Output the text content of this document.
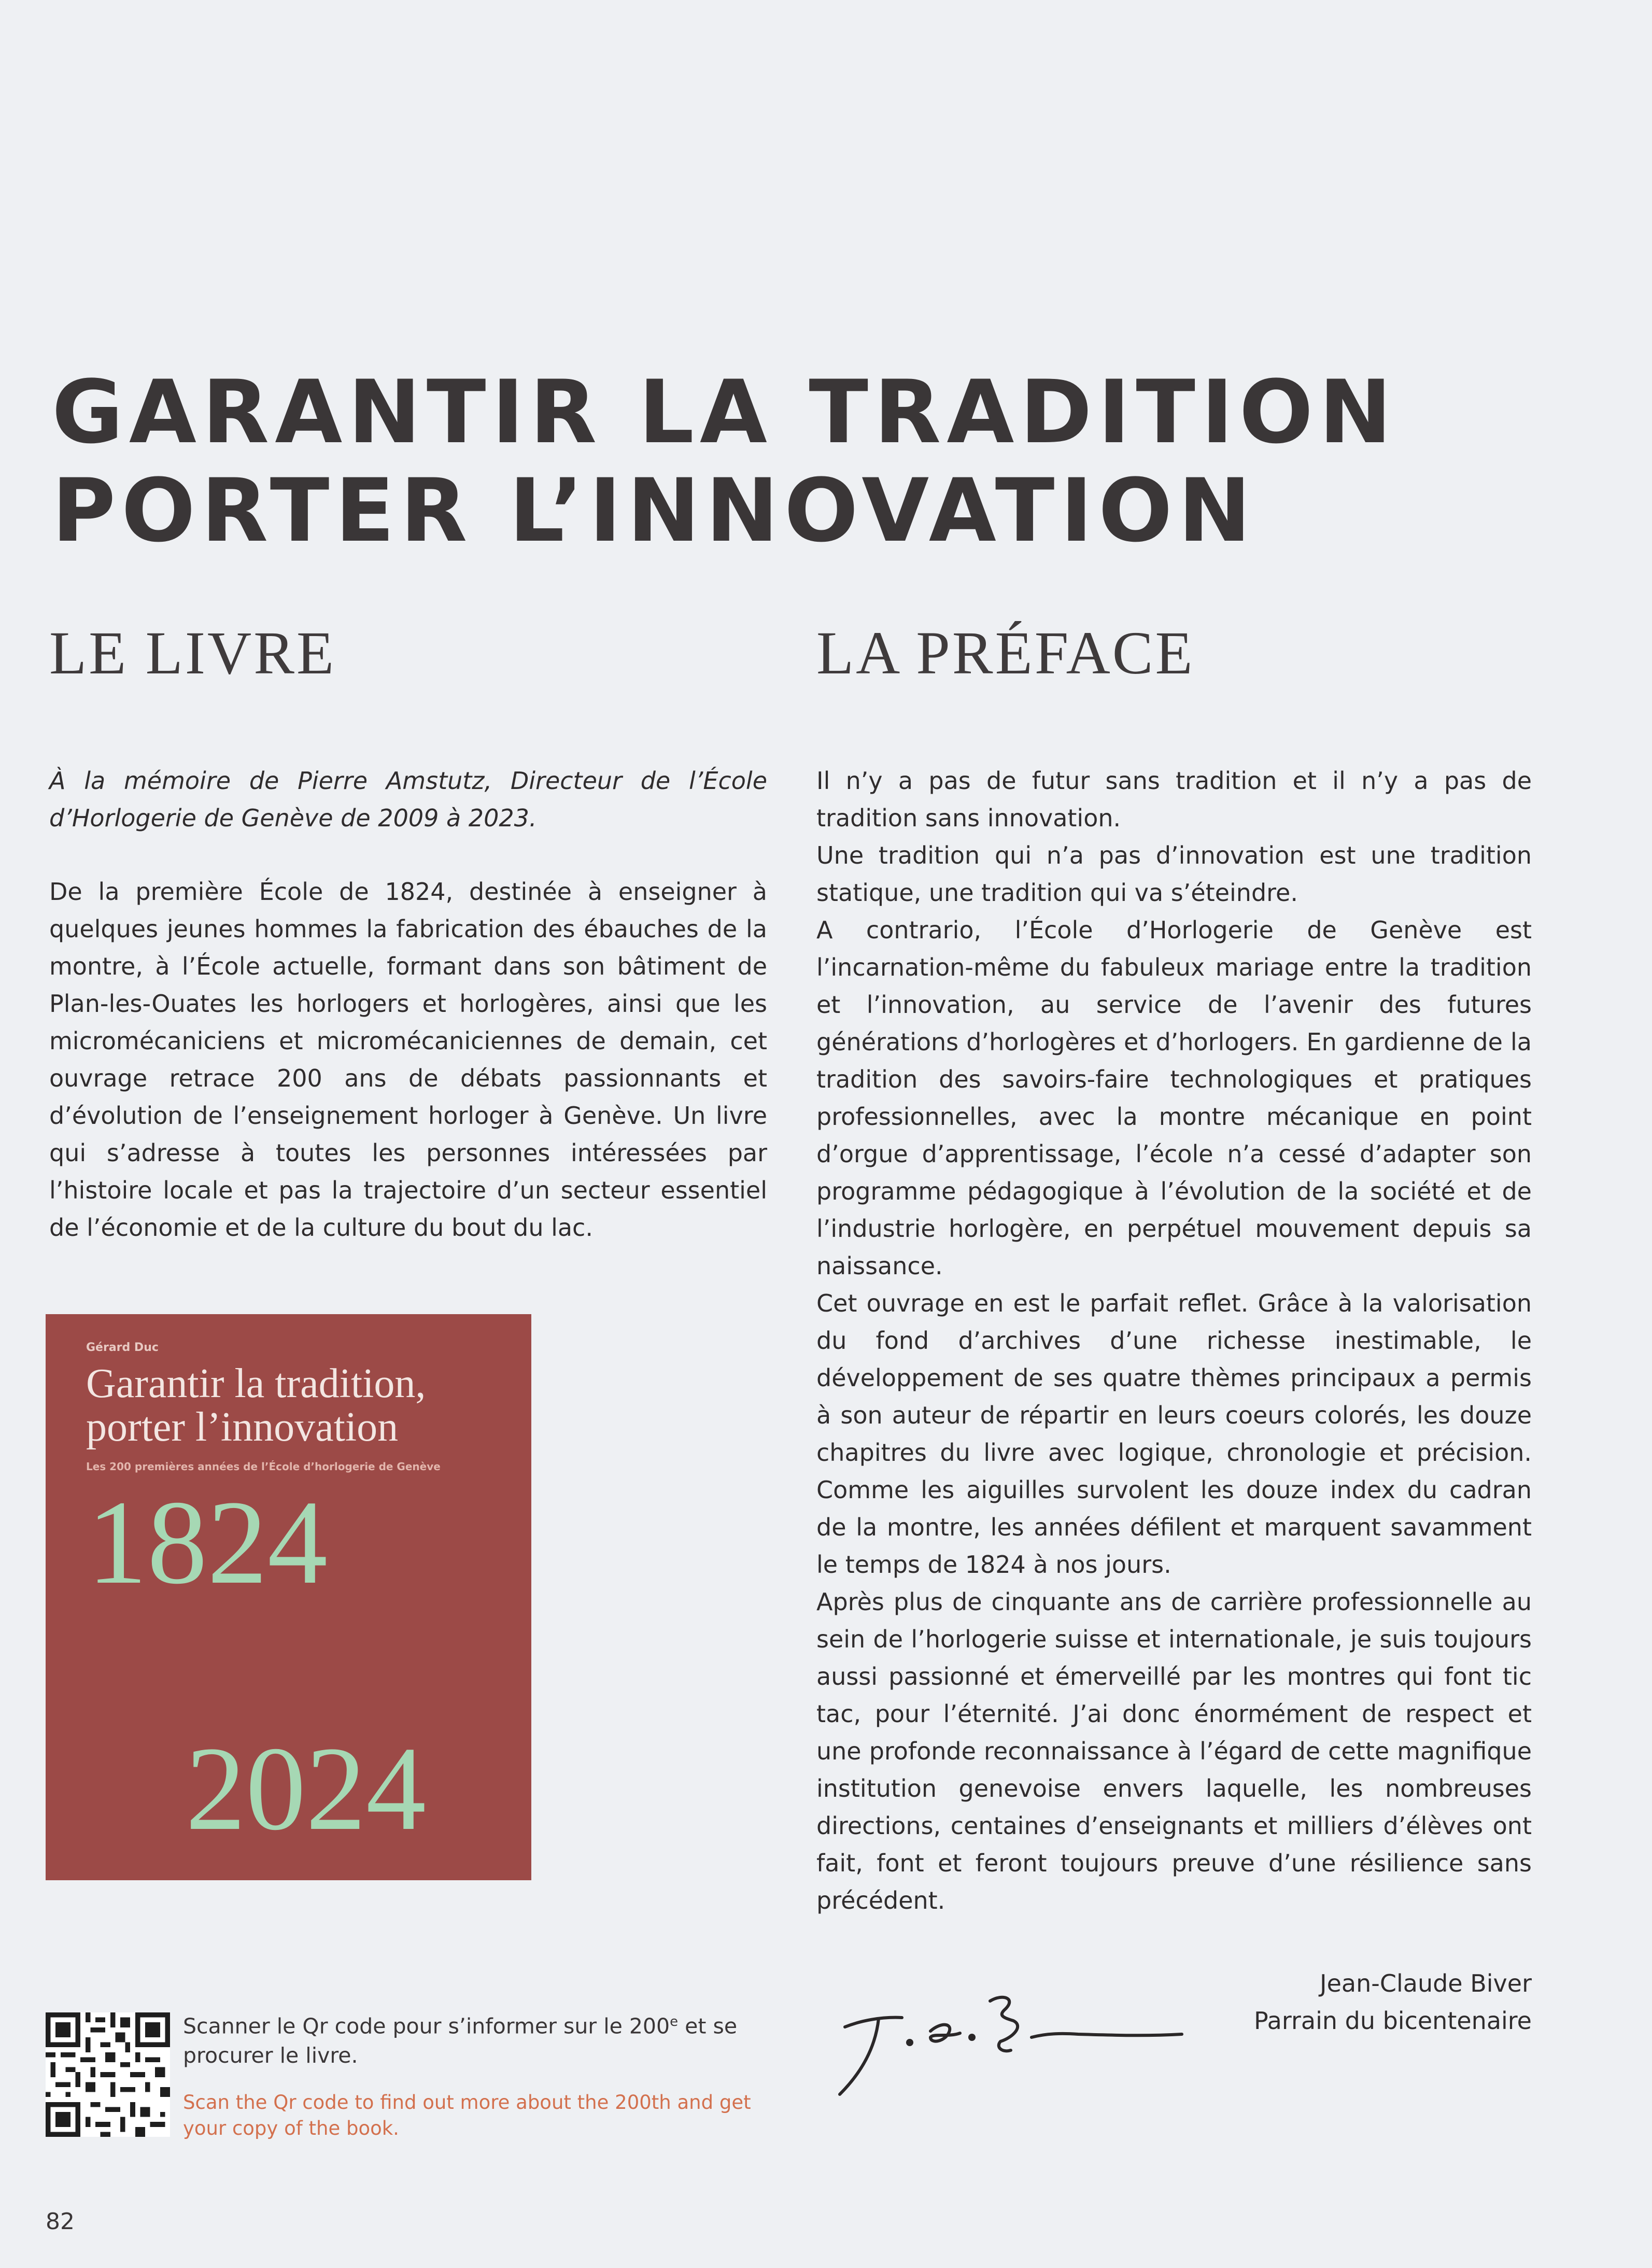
GARANTIR LA TRADITION
PORTER L’INNOVATION
LE LIVRE	LA PRÉFACE

À la mémoire de Pierre Amstutz, Directeur de l’École d’Horlogerie de Genève de 2009 à 2023.

De la première École de 1824, destinée à enseigner à quelques jeunes hommes la fabrication des ébauches de la montre, à l’École actuelle, formant dans son bâtiment de Plan-les-Ouates les horlogers et horlogères, ainsi que les micromécaniciens et micromécaniciennes de demain, cet ouvrage retrace 200 ans de débats passionnants et d’évolution de l’enseignement horloger à Genève. Un livre qui s’adresse à toutes les personnes intéressées par l’histoire locale et pas la trajectoire d’un secteur essentiel de l’économie et de la culture du bout du lac.

Gérard Duc
Garantir la tradition,
porter l’innovation
Les 200 premières années de l’École d’horlogerie de Genève
1824
2024

Scanner le Qr code pour s’informer sur le 200e et se procurer le livre.

Scan the Qr code to find out more about the 200th and get your copy of the book.

Il n’y a pas de futur sans tradition et il n’y a pas de tradition sans innovation.

Une tradition qui n’a pas d’innovation est une tradition statique, une tradition qui va s’éteindre.

A contrario, l’École d’Horlogerie de Genève est l’incarnation-même du fabuleux mariage entre la tradition et l’innovation, au service de l’avenir des futures générations d’horlogères et d’horlogers. En gardienne de la tradition des savoirs-faire technologiques et pratiques professionnelles, avec la montre mécanique en point d’orgue d’apprentissage, l’école n’a cessé d’adapter son programme pédagogique à l’évolution de la société et de l’industrie horlogère, en perpétuel mouvement depuis sa naissance.

Cet ouvrage en est le parfait reflet. Grâce à la valorisation du fond d’archives d’une richesse inestimable, le développement de ses quatre thèmes principaux a permis à son auteur de répartir en leurs coeurs colorés, les douze chapitres du livre avec logique, chronologie et précision. Comme les aiguilles survolent les douze index du cadran de la montre, les années défilent et marquent savamment le temps de 1824 à nos jours.

Après plus de cinquante ans de carrière professionnelle au sein de l’horlogerie suisse et internationale, je suis toujours aussi passionné et émerveillé par les montres qui font tic tac, pour l’éternité. J’ai donc énormément de respect et une profonde reconnaissance à l’égard de cette magnifique institution genevoise envers laquelle, les nombreuses directions, centaines d’enseignants et milliers d’élèves ont fait, font et feront toujours preuve d’une résilience sans précédent.

Jean-Claude Biver
Parrain du bicentenaire
82
